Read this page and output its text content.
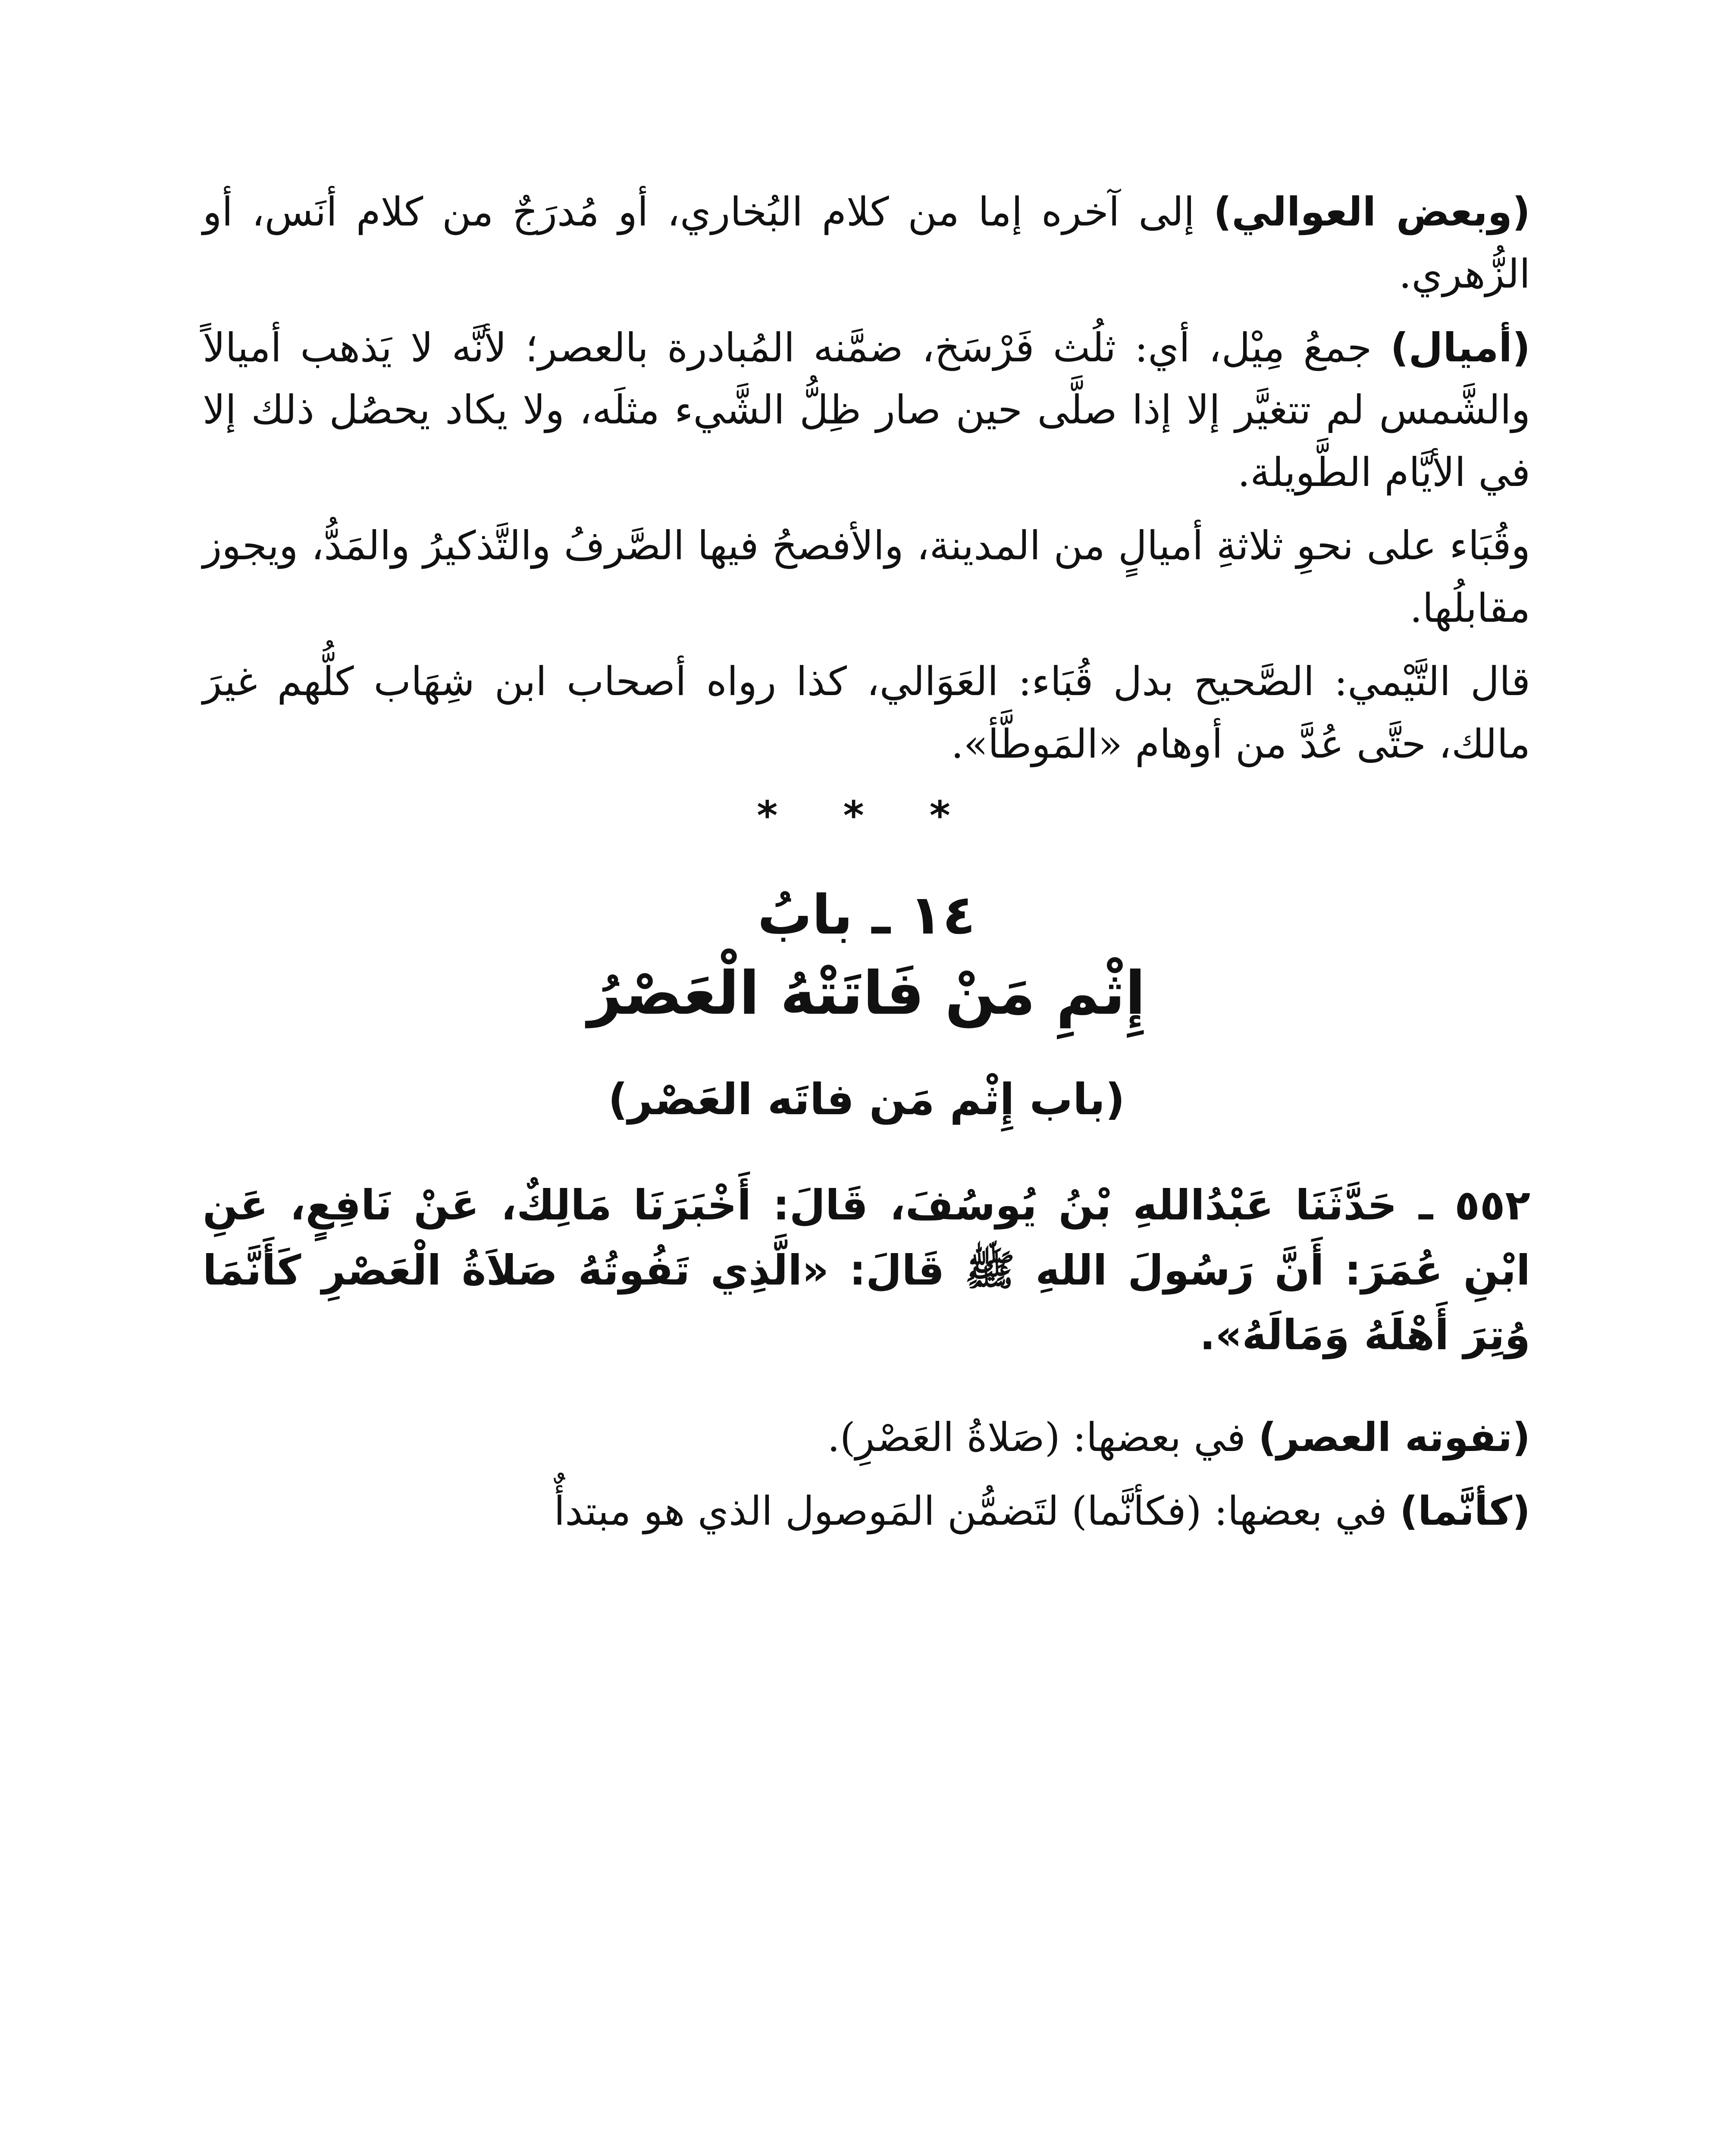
(وبعض العوالي) إلى آخره إما من كلام البُخاري، أو مُدرَجٌ من كلام أنَس، أو الزُّهري.

(أميال) جمعُ مِيْل، أي: ثلُث فَرْسَخ، ضمَّنه المُبادرة بالعصر؛ لأنَّه لا يَذهب أميالاً والشَّمس لم تتغيَّر إلا إذا صلَّى حين صار ظِلُّ الشَّيء مثلَه، ولا يكاد يحصُل ذلك إلا في الأيَّام الطَّويلة.

وقُبَاء على نحوِ ثلاثةِ أميالٍ من المدينة، والأفصحُ فيها الصَّرفُ والتَّذكيرُ والمَدُّ، ويجوز مقابلُها.

قال التَّيْمي: الصَّحيح بدل قُبَاء: العَوَالي، كذا رواه أصحاب ابن شِهَاب كلُّهم غيرَ مالك، حتَّى عُدَّ من أوهام «المَوطَّأ».

* * *
١٤ ـ بابُ
إِثْمِ مَنْ فَاتَتْهُ الْعَصْرُ
(باب إِثْم مَن فاتَه العَصْر)

٥٥٢ ـ حَدَّثَنَا عَبْدُاللهِ بْنُ يُوسُفَ، قَالَ: أَخْبَرَنَا مَالِكٌ، عَنْ نَافِعٍ، عَنِ ابْنِ عُمَرَ: أَنَّ رَسُولَ اللهِ ﷺ قَالَ: «الَّذِي تَفُوتُهُ صَلاَةُ الْعَصْرِ كَأَنَّمَا وُتِرَ أَهْلَهُ وَمَالَهُ».

(تفوته العصر) في بعضها: (صَلاةُ العَصْرِ).

(كأنَّما) في بعضها: (فكأنَّما) لتَضمُّن المَوصول الذي هو مبتدأٌ
